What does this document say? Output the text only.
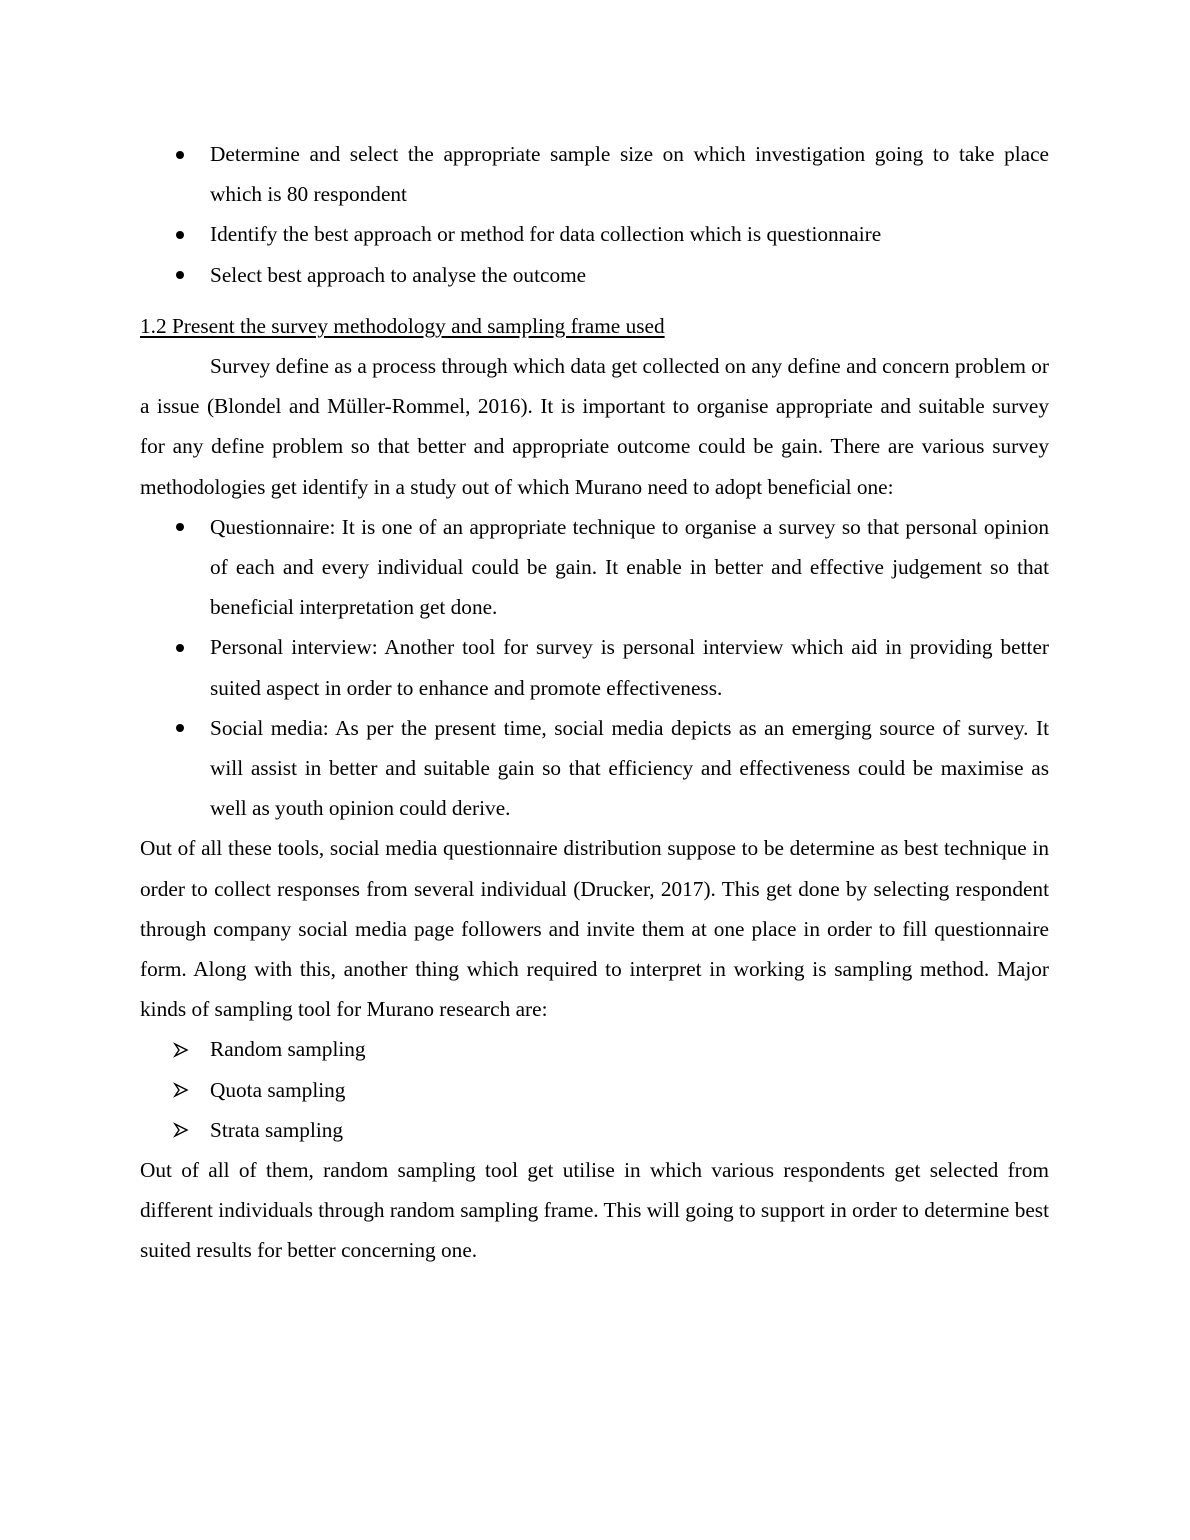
Determine and select the appropriate sample size on which investigation going to take place which is 80 respondent
Identify the best approach or method for data collection which is questionnaire
Select best approach to analyse the outcome
1.2 Present the survey methodology and sampling frame used

Survey define as a process through which data get collected on any define and concern problem or a issue (Blondel and Müller-Rommel, 2016). It is important to organise appropriate and suitable survey for any define problem so that better and appropriate outcome could be gain. There are various survey methodologies get identify in a study out of which Murano need to adopt beneficial one:

Questionnaire: It is one of an appropriate technique to organise a survey so that personal opinion of each and every individual could be gain. It enable in better and effective judgement so that beneficial interpretation get done.
Personal interview: Another tool for survey is personal interview which aid in providing better suited aspect in order to enhance and promote effectiveness.
Social media: As per the present time, social media depicts as an emerging source of survey. It will assist in better and suitable gain so that efficiency and effectiveness could be maximise as well as youth opinion could derive.

Out of all these tools, social media questionnaire distribution suppose to be determine as best technique in order to collect responses from several individual (Drucker, 2017). This get done by selecting respondent through company social media page followers and invite them at one place in order to fill questionnaire form. Along with this, another thing which required to interpret in working is sampling method. Major kinds of sampling tool for Murano research are:

Random sampling
Quota sampling
Strata sampling

Out of all of them, random sampling tool get utilise in which various respondents get selected from different individuals through random sampling frame. This will going to support in order to determine best suited results for better concerning one.
